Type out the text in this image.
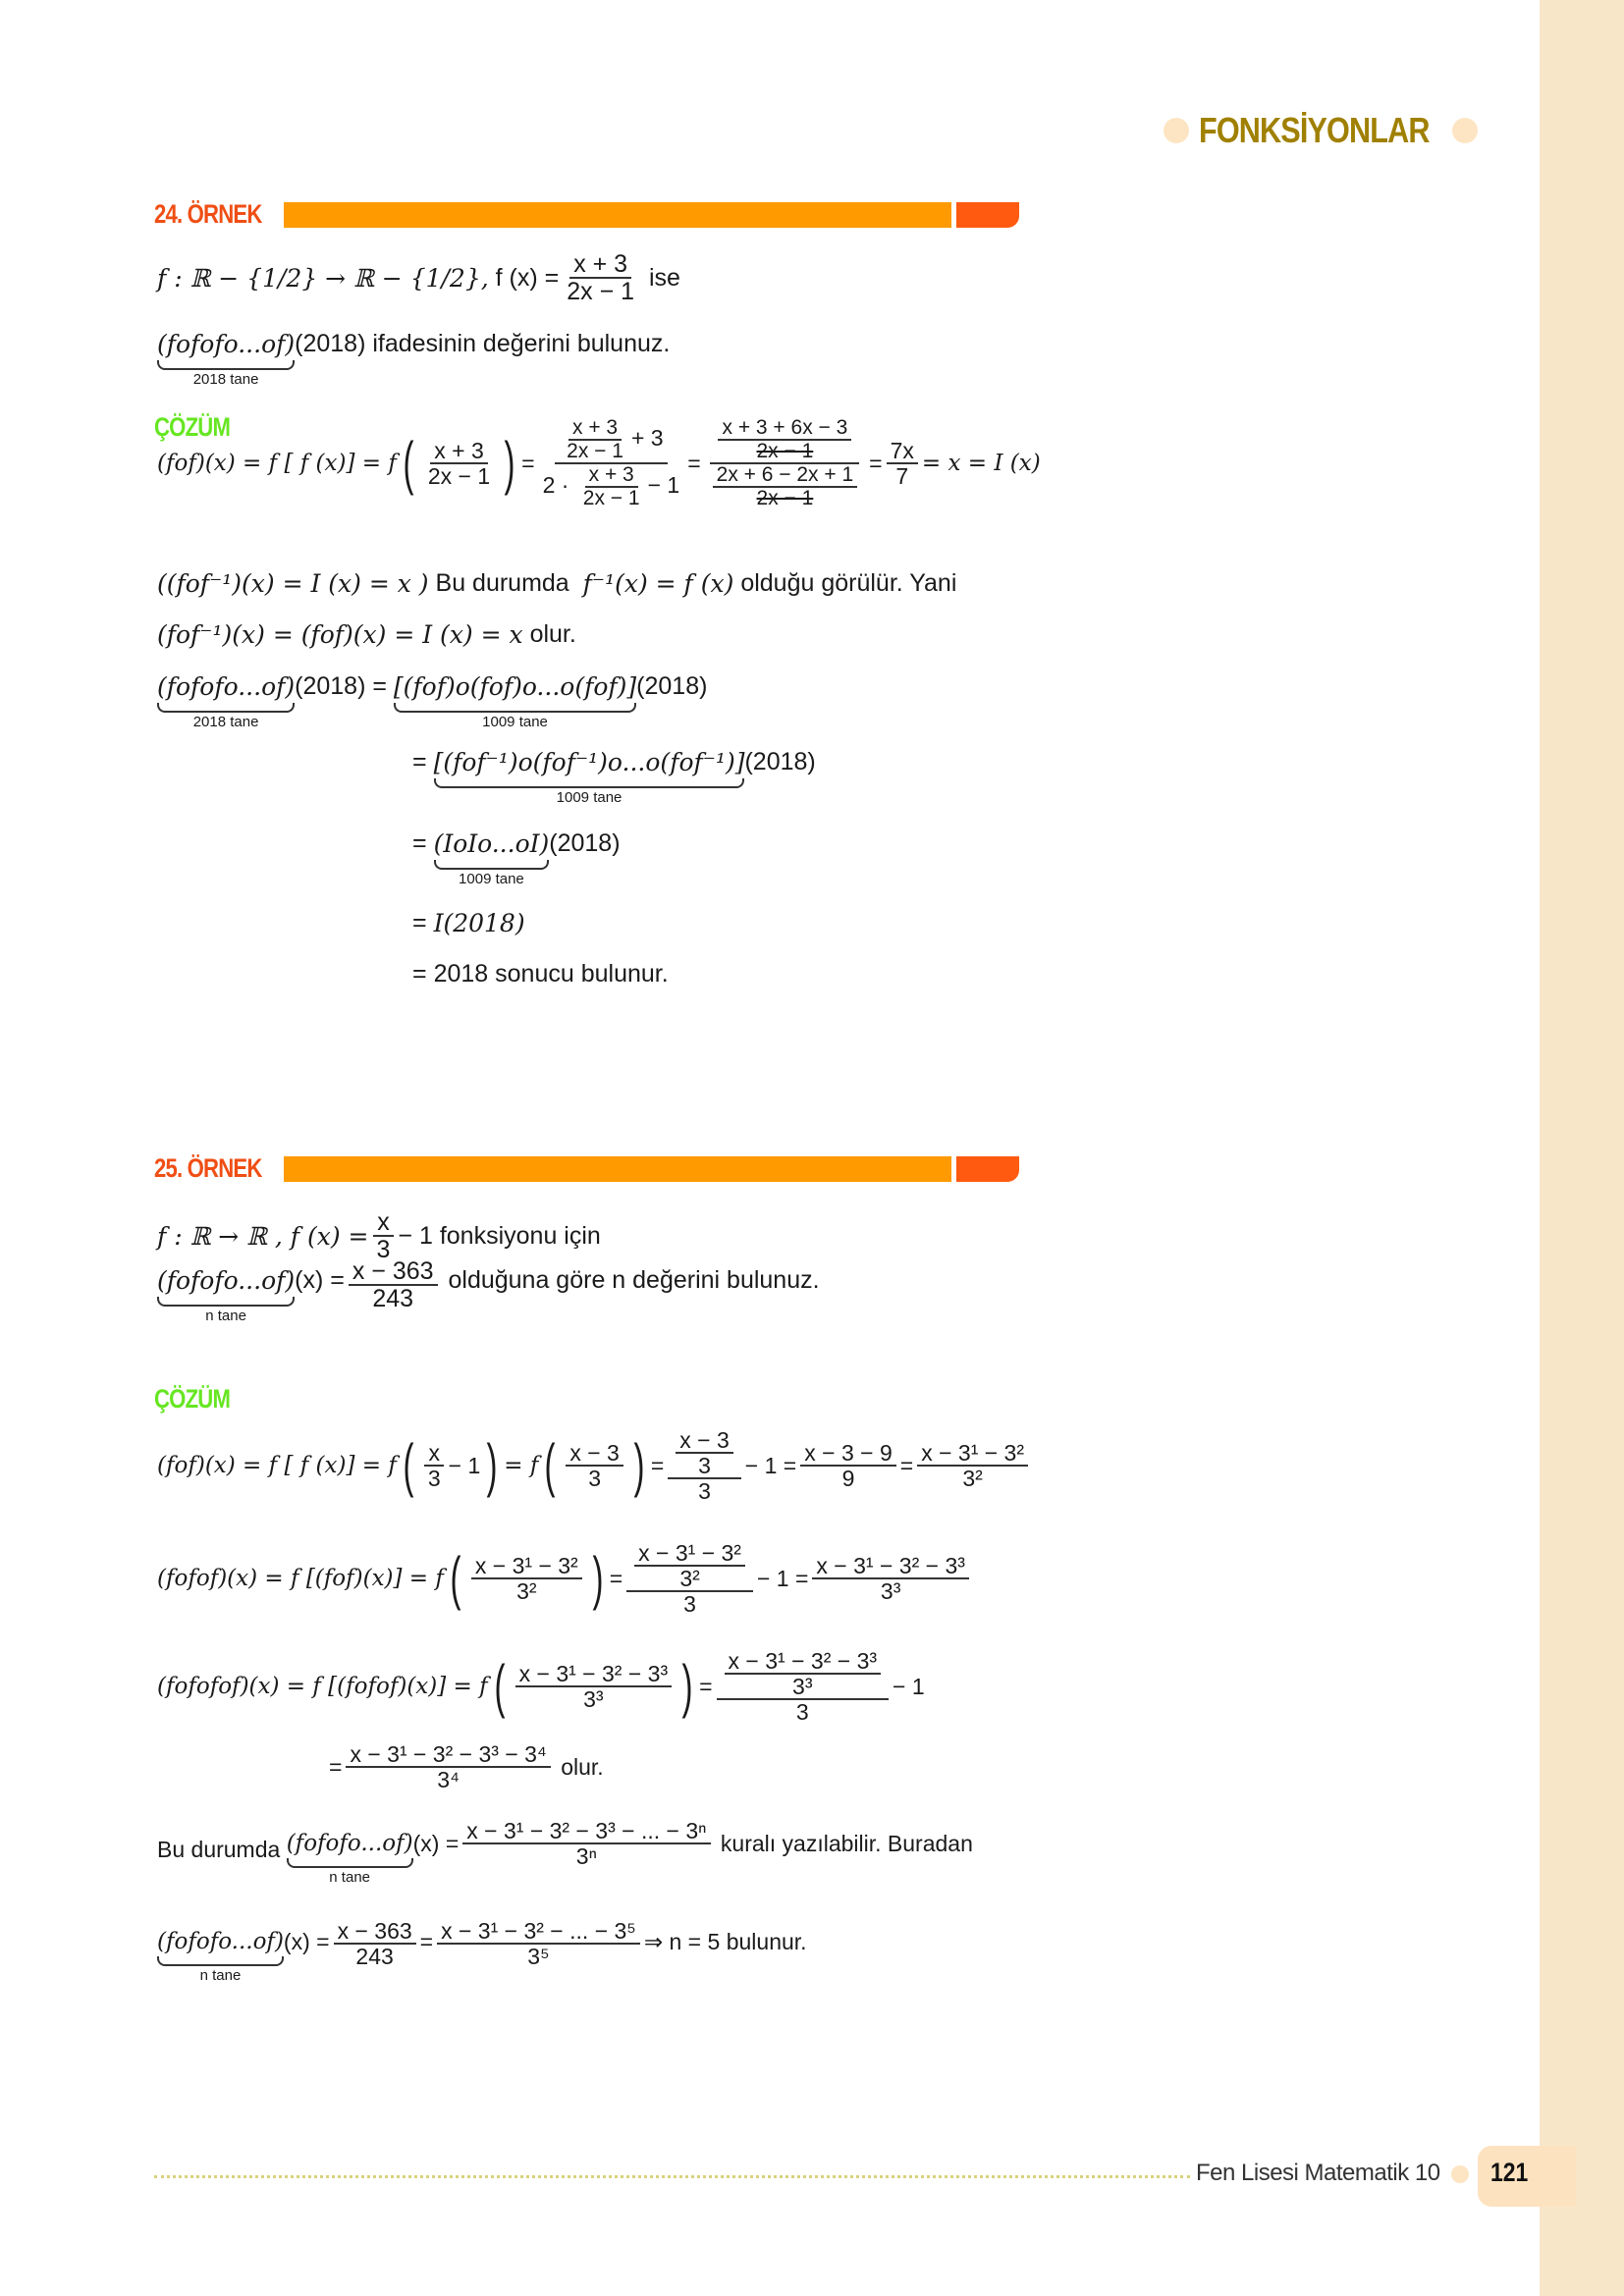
FONKSİYONLAR
24. ÖRNEK
f : ℝ − {1/2} → ℝ − {1/2},
f $(x) = \frac{x + 3}{2x - 1}$
ise
(fofofo...of)
2018 tane
(2018)
ifadesinin değerini bulunuz.
ÇÖZÜM
(fof)(x) = f [ f (x)] = f ( $\frac{x + 3}{2x - 1}$ ) = $\frac{\frac{x + 3}{2x - 1} + 3}{2 \cdot \frac{x + 3}{2x - 1} - 1} = \frac{\frac{x + 3 + 6x - 3}{2x - 1}}{\frac{2x + 6 - 2x + 1}{2x - 1}} = \frac{7x}{7} = x = I$ (x)
((fof⁻¹)(x) = I (x) = x )
Bu durumda
f⁻¹(x) = f (x)
olduğu görülür. Yani
(fof⁻¹)(x) = (fof)(x) = I (x) = x
olur.
(fofofo...of)
2018 tane
(2018) =
[(fof)o(fof)o...o(fof)]
1009 tane
(2018)
=
[(fof⁻¹)o(fof⁻¹)o...o(fof⁻¹)]
1009 tane
(2018)
=
(IoIo...oI)
1009 tane
(2018)
=
I(2018)
=
2018
sonucu bulunur.
25. ÖRNEK
f : ℝ → ℝ , f $(x) = \frac{x}{3} - 1$
fonksiyonu için
(fofofo...of)
n tane
$(x) = \frac{x - 363}{243}$
olduğuna göre n değerini bulunuz.
ÇÖZÜM
(fof)(x) = f [ f (x)] = f ( $\frac{x}{3} - 1$ ) = f ( $\frac{x - 3}{3}$ ) = $\frac{\frac{x - 3}{3}}{3} - 1 = \frac{x - 3 - 9}{9} = \frac{\text{x − 3¹ − 3²}}{\text{3²}}$
(fofof)(x) = f [(fof)(x)] = f ( $\frac{\text{x − 3¹ − 3²}}{\text{3²}}$ ) = $\frac{\frac{\text{x − 3¹ − 3²}}{\text{3²}}}{3} - 1 = \frac{\text{x − 3¹ − 3² − 3³}}{\text{3³}}$
(fofofof)(x) = f [(fofof)(x)] = f ( $\frac{\text{x − 3¹ − 3² − 3³}}{\text{3³}}$ ) = $\frac{\frac{\text{x − 3¹ − 3² − 3³}}{\text{3³}}}{3} - 1$
= $\frac{\text{x − 3¹ − 3² − 3³ − 3⁴}}{\text{3⁴}}$
olur.
Bu durumda
(fofofo...of)
n tane
$(x) = \frac{\text{x − 3¹ − 3² − 3³ − ... − 3ⁿ}}{\text{3ⁿ}}$
kuralı yazılabilir. Buradan
(fofofo...of)
n tane
$(x) = \frac{x - 363}{243} = \frac{\text{x − 3¹ − 3² − ... − 3⁵}}{\text{3⁵}}$ ⇒ n = 5
bulunur.
Fen Lisesi Matematik 10 121
